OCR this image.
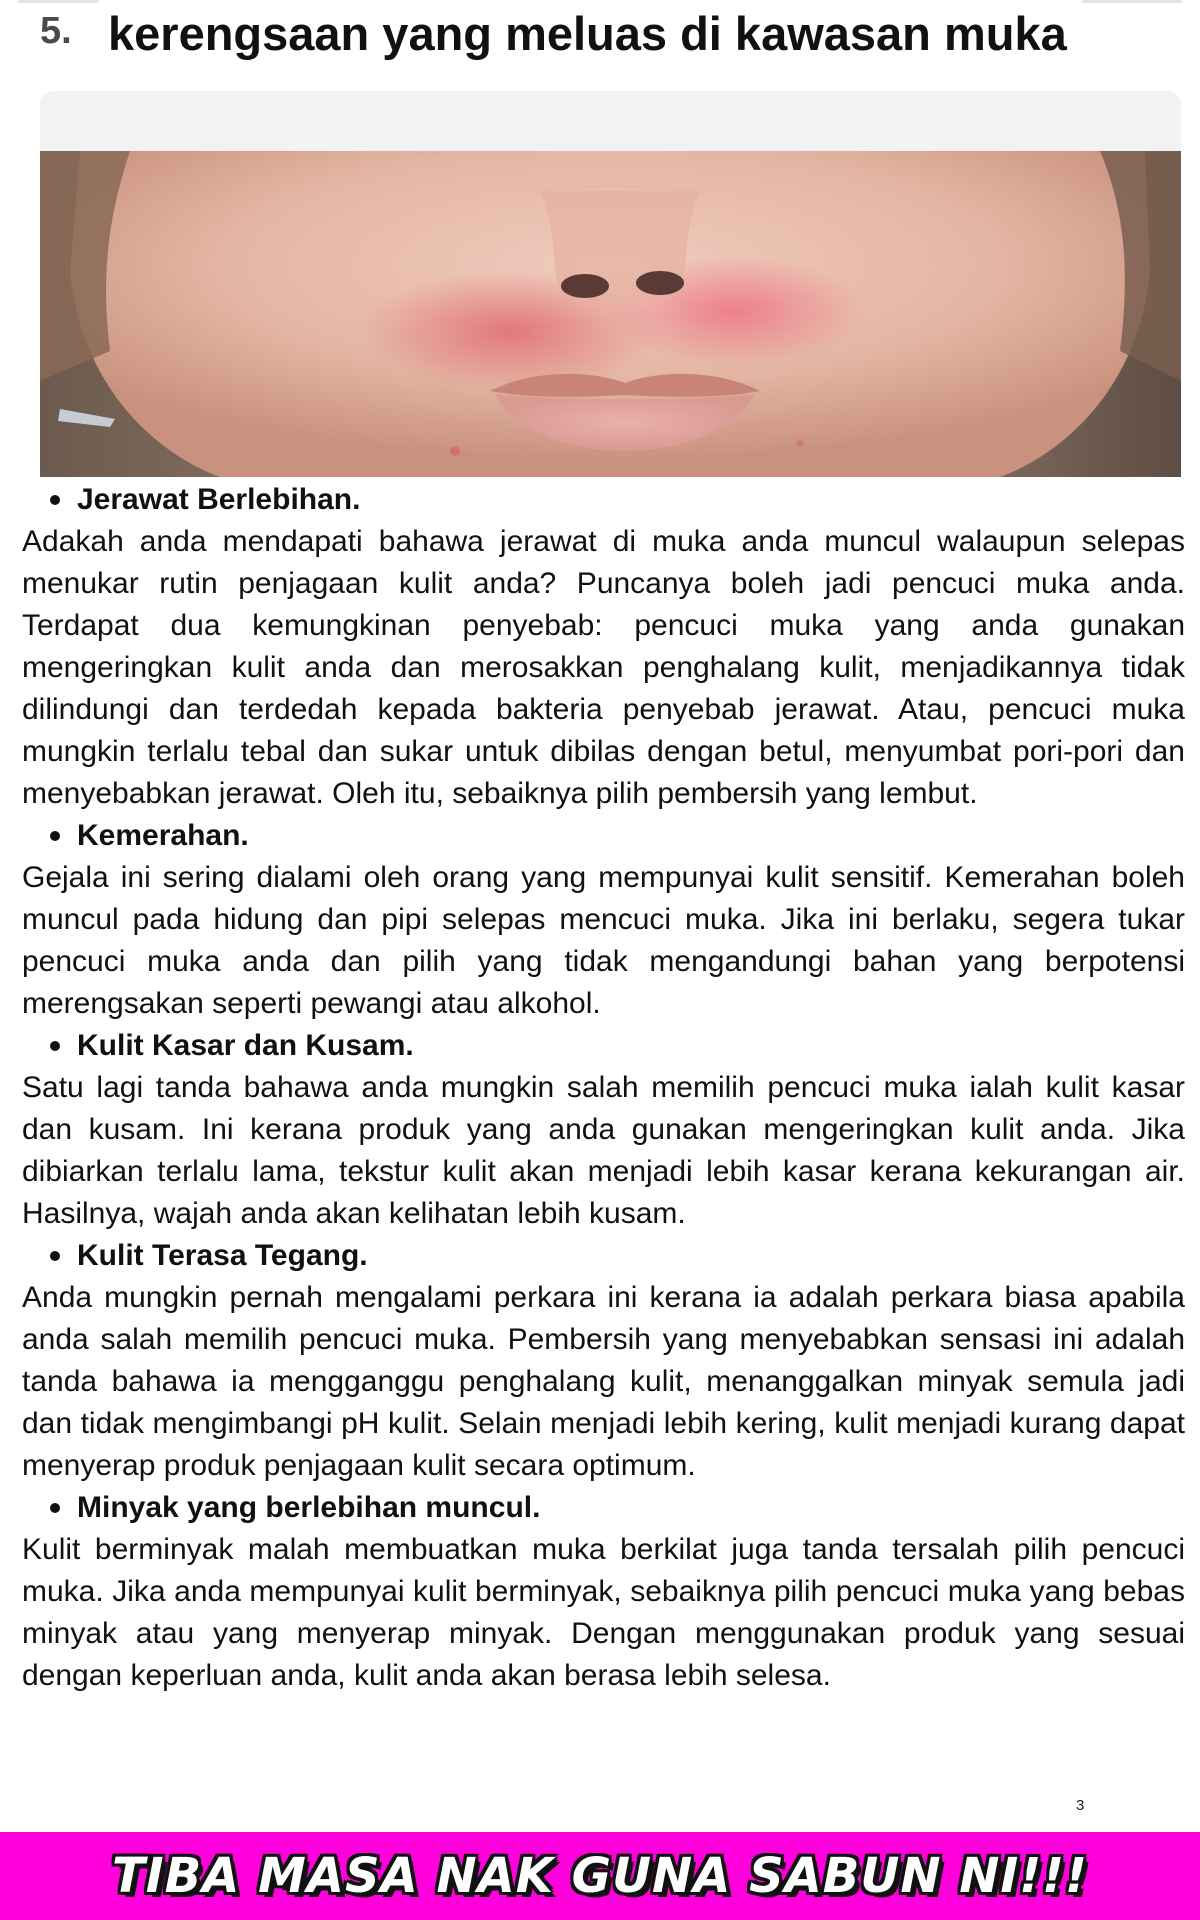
5. kerengsaan yang meluas di kawasan muka
Jerawat Berlebihan.

Adakah anda mendapati bahawa jerawat di muka anda muncul walaupun selepas menukar rutin penjagaan kulit anda? Puncanya boleh jadi pencuci muka anda. Terdapat dua kemungkinan penyebab: pencuci muka yang anda gunakan mengeringkan kulit anda dan merosakkan penghalang kulit, menjadikannya tidak dilindungi dan terdedah kepada bakteria penyebab jerawat. Atau, pencuci muka mungkin terlalu tebal dan sukar untuk dibilas dengan betul, menyumbat pori-pori dan menyebabkan jerawat. Oleh itu, sebaiknya pilih pembersih yang lembut.

Kemerahan.

Gejala ini sering dialami oleh orang yang mempunyai kulit sensitif. Kemerahan boleh muncul pada hidung dan pipi selepas mencuci muka. Jika ini berlaku, segera tukar pencuci muka anda dan pilih yang tidak mengandungi bahan yang berpotensi merengsakan seperti pewangi atau alkohol.

Kulit Kasar dan Kusam.

Satu lagi tanda bahawa anda mungkin salah memilih pencuci muka ialah kulit kasar dan kusam. Ini kerana produk yang anda gunakan mengeringkan kulit anda. Jika dibiarkan terlalu lama, tekstur kulit akan menjadi lebih kasar kerana kekurangan air. Hasilnya, wajah anda akan kelihatan lebih kusam.

Kulit Terasa Tegang.

Anda mungkin pernah mengalami perkara ini kerana ia adalah perkara biasa apabila anda salah memilih pencuci muka. Pembersih yang menyebabkan sensasi ini adalah tanda bahawa ia mengganggu penghalang kulit, menanggalkan minyak semula jadi dan tidak mengimbangi pH kulit. Selain menjadi lebih kering, kulit menjadi kurang dapat menyerap produk penjagaan kulit secara optimum.

Minyak yang berlebihan muncul.

Kulit berminyak malah membuatkan muka berkilat juga tanda tersalah pilih pencuci muka. Jika anda mempunyai kulit berminyak, sebaiknya pilih pencuci muka yang bebas minyak atau yang menyerap minyak. Dengan menggunakan produk yang sesuai dengan keperluan anda, kulit anda akan berasa lebih selesa.

3
TIBA MASA NAK GUNA SABUN NI!!!
